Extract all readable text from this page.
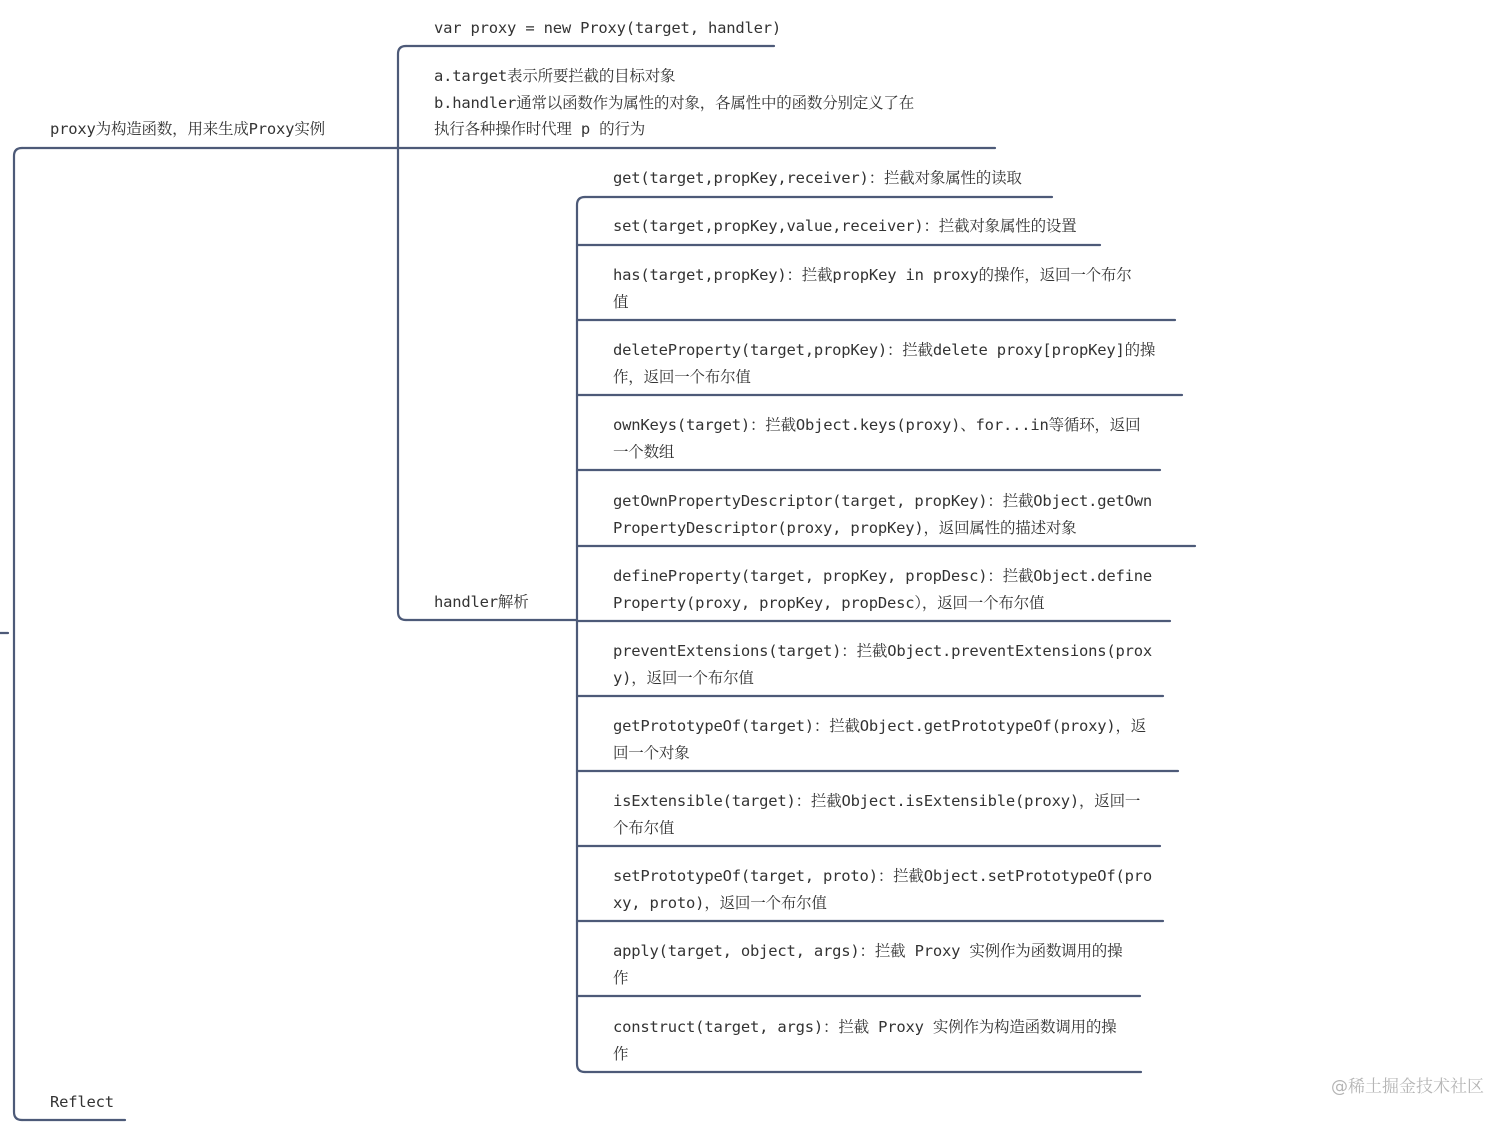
proxy为构造函数，用来生成Proxy实例
Reflect
var proxy = new Proxy(target, handler)
a.target表示所要拦截的目标对象
b.handler通常以函数作为属性的对象，各属性中的函数分别定义了在
执行各种操作时代理 p 的行为
handler解析
get(target,propKey,receiver)：拦截对象属性的读取
set(target,propKey,value,receiver)：拦截对象属性的设置
has(target,propKey)：拦截propKey in proxy的操作，返回一个布尔
值
deleteProperty(target,propKey)：拦截delete proxy[propKey]的操
作，返回一个布尔值
ownKeys(target)：拦截Object.keys(proxy)、for...in等循环，返回
一个数组
getOwnPropertyDescriptor(target, propKey)：拦截Object.getOwn
PropertyDescriptor(proxy, propKey)，返回属性的描述对象
defineProperty(target, propKey, propDesc)：拦截Object.define
Property(proxy, propKey, propDesc），返回一个布尔值
preventExtensions(target)：拦截Object.preventExtensions(prox
y)，返回一个布尔值
getPrototypeOf(target)：拦截Object.getPrototypeOf(proxy)，返
回一个对象
isExtensible(target)：拦截Object.isExtensible(proxy)，返回一
个布尔值
setPrototypeOf(target, proto)：拦截Object.setPrototypeOf(pro
xy, proto)，返回一个布尔值
apply(target, object, args)：拦截 Proxy 实例作为函数调用的操
作
construct(target, args)：拦截 Proxy 实例作为构造函数调用的操
作
@稀土掘金技术社区
